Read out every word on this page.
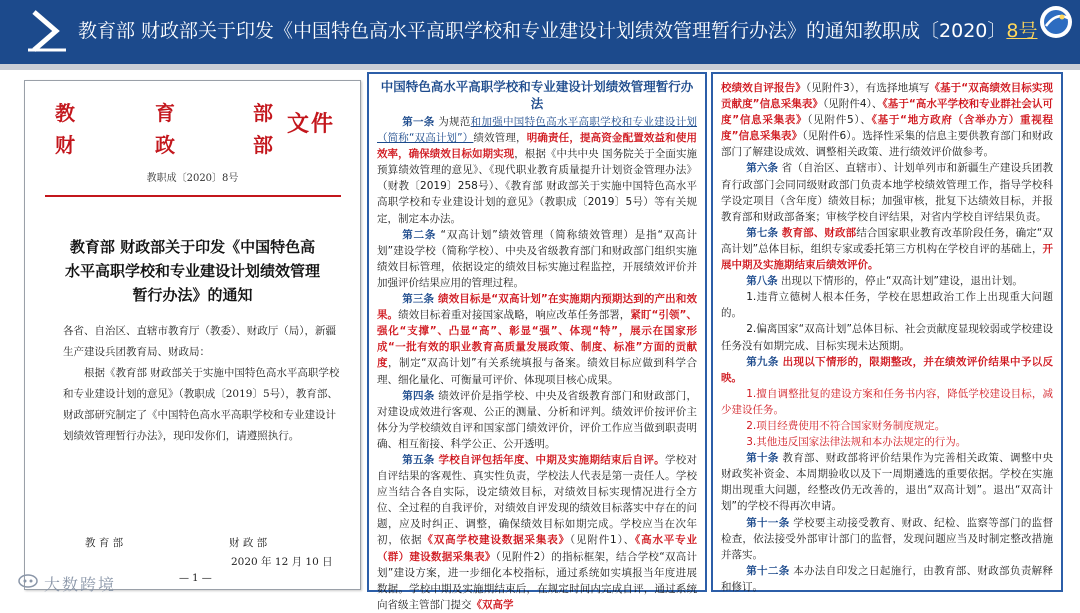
教育部 财政部关于印发《中国特色高水平高职学校和专业建设计划绩效管理暂行办法》的通知教职成〔2020〕8号
教	育	部
财	政	部
文件
教职成〔2020〕8号
教育部 财政部关于印发《中国特色高水平高职学校和专业建设计划绩效管理暂行办法》的通知
各省、自治区、直辖市教育厅（教委）、财政厅（局），新疆生产建设兵团教育局、财政局：
根据《教育部 财政部关于实施中国特色高水平高职学校和专业建设计划的意见》（教职成〔2019〕5号），教育部、财政部研究制定了《中国特色高水平高职学校和专业建设计划绩效管理暂行办法》，现印发你们，请遵照执行。
教 育 部	财 政 部
2020 年 12 月 10 日
— 1 —
中国特色高水平高职学校和专业建设计划绩效管理暂行办法

第一条 为规范和加强中国特色高水平高职学校和专业建设计划（简称“双高计划”）绩效管理，明确责任，提高资金配置效益和使用效率，确保绩效目标如期实现，根据《中共中央 国务院关于全面实施预算绩效管理的意见》、《现代职业教育质量提升计划资金管理办法》（财教〔2019〕258号）、《教育部 财政部关于实施中国特色高水平高职学校和专业建设计划的意见》（教职成〔2019〕5号）等有关规定，制定本办法。

第二条 “双高计划”绩效管理（简称绩效管理）是指“双高计划”建设学校（简称学校）、中央及省级教育部门和财政部门组织实施绩效目标管理，依据设定的绩效目标实施过程监控，开展绩效评价并加强评价结果应用的管理过程。

第三条 绩效目标是“双高计划”在实施期内预期达到的产出和效果。绩效目标着重对接国家战略，响应改革任务部署，紧盯“引领”、强化“支撑”、凸显“高”、彰显“强”、体现“特”，展示在国家形成“一批有效的职业教育高质量发展政策、制度、标准”方面的贡献度，制定“双高计划”有关系统填报与备案。绩效目标应做到科学合理、细化量化、可衡量可评价、体现项目核心成果。

第四条 绩效评价是指学校、中央及省级教育部门和财政部门，对建设成效进行客观、公正的测量、分析和评判。绩效评价按评价主体分为学校绩效自评和国家部门绩效评价，评价工作应当做到职责明确、相互衔接、科学公正、公开透明。

第五条 学校自评包括年度、中期及实施期结束后自评。学校对自评结果的客观性、真实性负责，学校法人代表是第一责任人。学校应当结合各自实际，设定绩效目标，对绩效目标实现情况进行全方位、全过程的自我评价，对绩效自评发现的绩效目标落实中存在的问题，应及时纠正、调整，确保绩效目标如期完成。学校应当在次年初，依据《双高学校建设数据采集表》（见附件1）、《高水平专业（群）建设数据采集表》（见附件2）的指标框架，结合学校“双高计划”建设方案，进一步细化本校指标，通过系统如实填报当年度进展数据。学校中期及实施期结束后，在规定时间内完成自评，通过系统向省级主管部门提交《双高学

校绩效自评报告》（见附件3），有选择地填写《基于“双高绩效目标实现贡献度”信息采集表》（见附件4）、《基于“高水平学校和专业群社会认可度”信息采集表》（见附件5）、《基于“地方政府（含举办方）重视程度”信息采集表》（见附件6）。选择性采集的信息主要供教育部门和财政部门了解建设成效、调整相关政策、进行绩效评价做参考。

第六条 省（自治区、直辖市）、计划单列市和新疆生产建设兵团教育行政部门会同同级财政部门负责本地学校绩效管理工作，指导学校科学设定项目（含年度）绩效目标；加强审核，批复下达绩效目标，并报教育部和财政部备案；审核学校自评结果，对省内学校自评结果负责。

第七条 教育部、财政部结合国家职业教育改革阶段任务，确定“双高计划”总体目标，组织专家或委托第三方机构在学校自评的基础上，开展中期及实施期结束后绩效评价。

第八条 出现以下情形的，停止“双高计划”建设，退出计划。

1.违背立德树人根本任务，学校在思想政治工作上出现重大问题的。

2.偏离国家“双高计划”总体目标、社会贡献度显现较弱或学校建设任务没有如期完成、目标实现未达预期。

第九条 出现以下情形的，限期整改，并在绩效评价结果中予以反映。

1.擅自调整批复的建设方案和任务书内容，降低学校建设目标，减少建设任务。

2.项目经费使用不符合国家财务制度规定。

3.其他违反国家法律法规和本办法规定的行为。

第十条 教育部、财政部将评价结果作为完善相关政策、调整中央财政奖补资金、本周期验收以及下一周期遴选的重要依据。学校在实施期出现重大问题，经整改仍无改善的，退出“双高计划”。退出“双高计划”的学校不得再次申请。

第十一条 学校要主动接受教育、财政、纪检、监察等部门的监督检查，依法接受外部审计部门的监督，发现问题应当及时制定整改措施并落实。

第十二条 本办法自印发之日起施行，由教育部、财政部负责解释和修订。

大数跨境
